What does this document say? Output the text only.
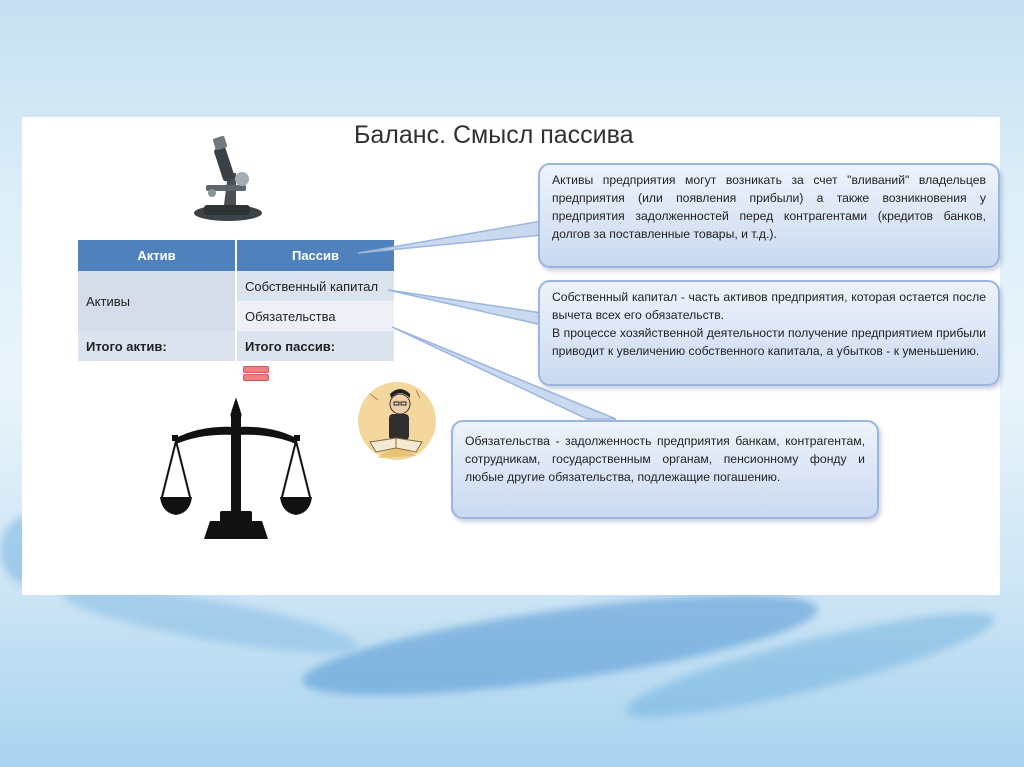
Баланс. Смысл пассива
Актив	Пассив
Активы	Собственный капитал
	Обязательства
Итого актив:	Итого пассив:

Активы предприятия могут возникать за счет "вливаний" владельцев предприятия (или появления прибыли) а также возникновения у предприятия задолженностей перед контрагентами (кредитов банков, долгов за поставленные товары, и т.д.).

Собственный капитал - часть активов предприятия, которая остается после вычета всех его обязательств.

В процессе хозяйственной деятельности получение предприятием прибыли приводит к увеличению собственного капитала, а убытков - к уменьшению.

Обязательства - задолженность предприятия банкам, контрагентам, сотрудникам, государственным органам, пенсионному фонду и любые другие обязательства, подлежащие погашению.
